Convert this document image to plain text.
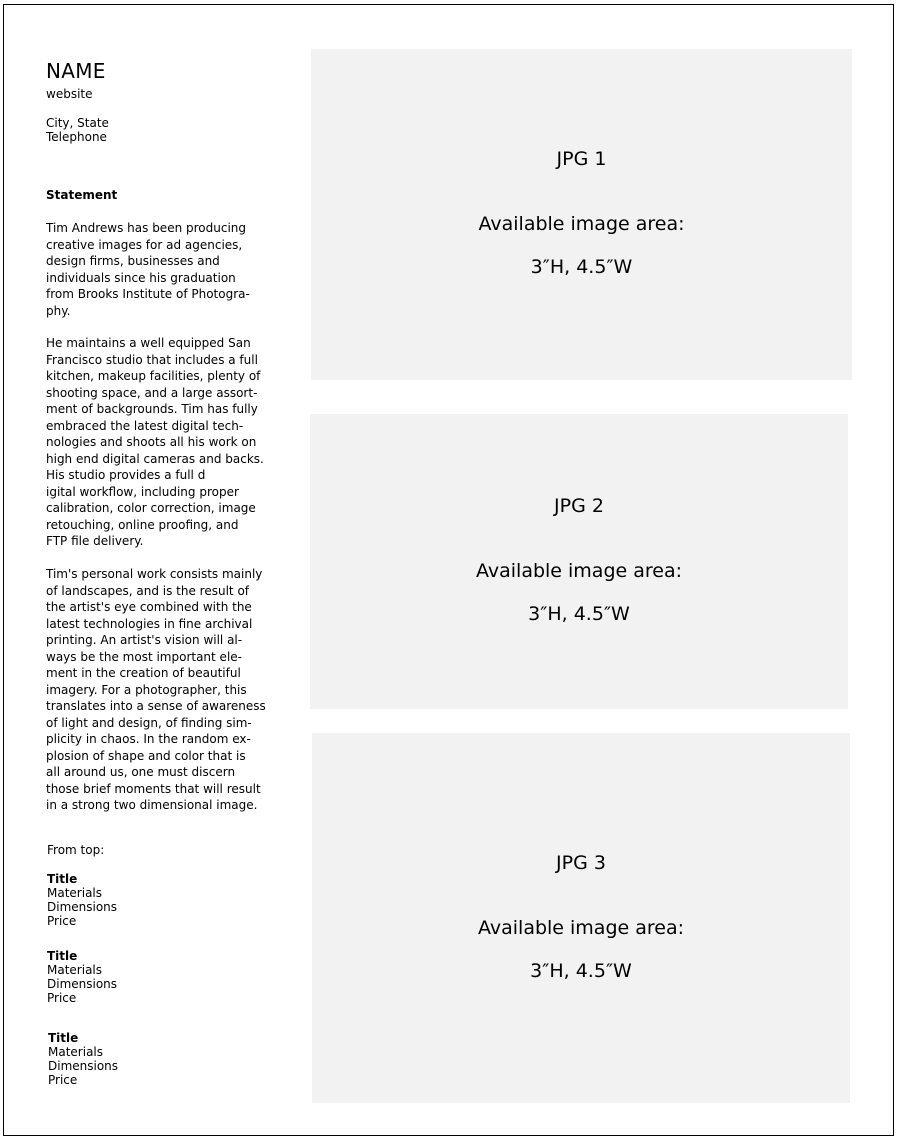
NAME
website
City, State
Telephone
Statement

Tim Andrews has been producing

creative images for ad agencies,

design firms, businesses and

individuals since his graduation

from Brooks Institute of Photogra-

phy.

He maintains a well equipped San

Francisco studio that includes a full

kitchen, makeup facilities, plenty of

shooting space, and a large assort-

ment of backgrounds. Tim has fully

embraced the latest digital tech-

nologies and shoots all his work on

high end digital cameras and backs.

His studio provides a full d

igital workflow, including proper

calibration, color correction, image

retouching, online proofing, and

FTP file delivery.

Tim's personal work consists mainly

of landscapes, and is the result of

the artist's eye combined with the

latest technologies in fine archival

printing. An artist's vision will al-

ways be the most important ele-

ment in the creation of beautiful

imagery. For a photographer, this

translates into a sense of awareness

of light and design, of finding sim-

plicity in chaos. In the random ex-

plosion of shape and color that is

all around us, one must discern

those brief moments that will result

in a strong two dimensional image.

From top:
Title
Materials
Dimensions
Price
Title
Materials
Dimensions
Price
Title
Materials
Dimensions
Price
JPG 1
Available image area:
3″H, 4.5″W
JPG 2
Available image area:
3″H, 4.5″W
JPG 3
Available image area:
3″H, 4.5″W
